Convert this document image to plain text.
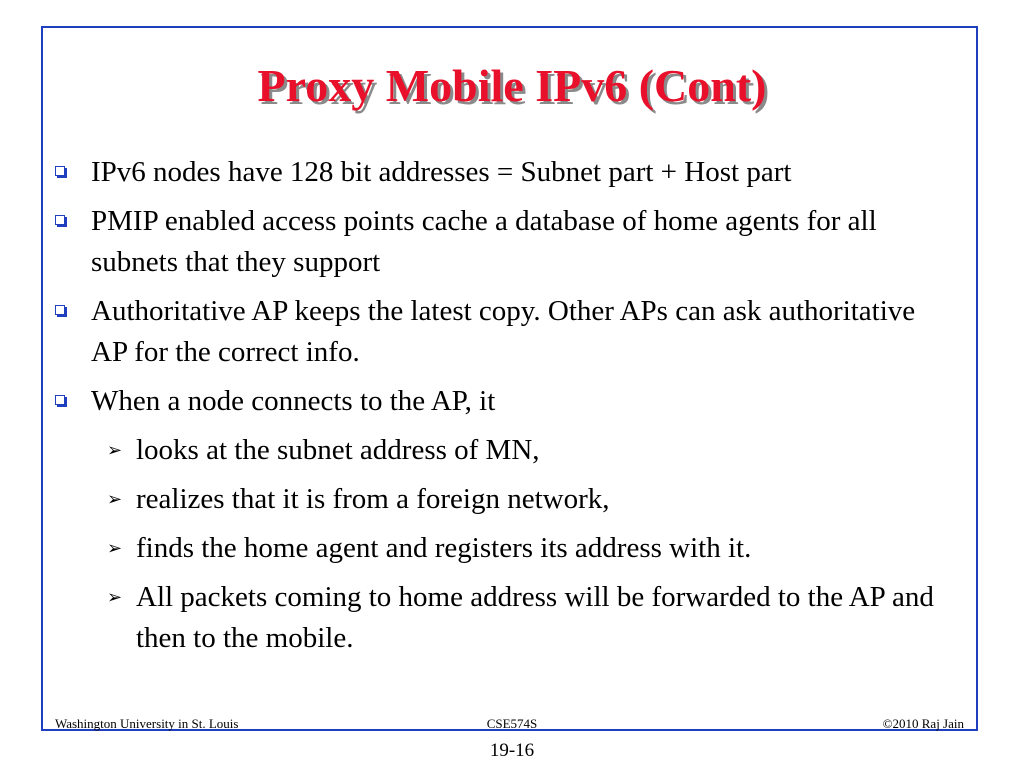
Proxy Mobile IPv6 (Cont)
IPv6 nodes have 128 bit addresses = Subnet part + Host part
PMIP enabled access points cache a database of home agents for all subnets that they support
Authoritative AP keeps the latest copy. Other APs can ask authoritative AP for the correct info.
When a node connects to the AP, it
➢ looks at the subnet address of MN,
➢ realizes that it is from a foreign network,
➢ finds the home agent and registers its address with it.
➢ All packets coming to home address will be forwarded to the AP and then to the mobile.
Washington University in St. Louis	CSE574S	©2010 Raj Jain
19-16
